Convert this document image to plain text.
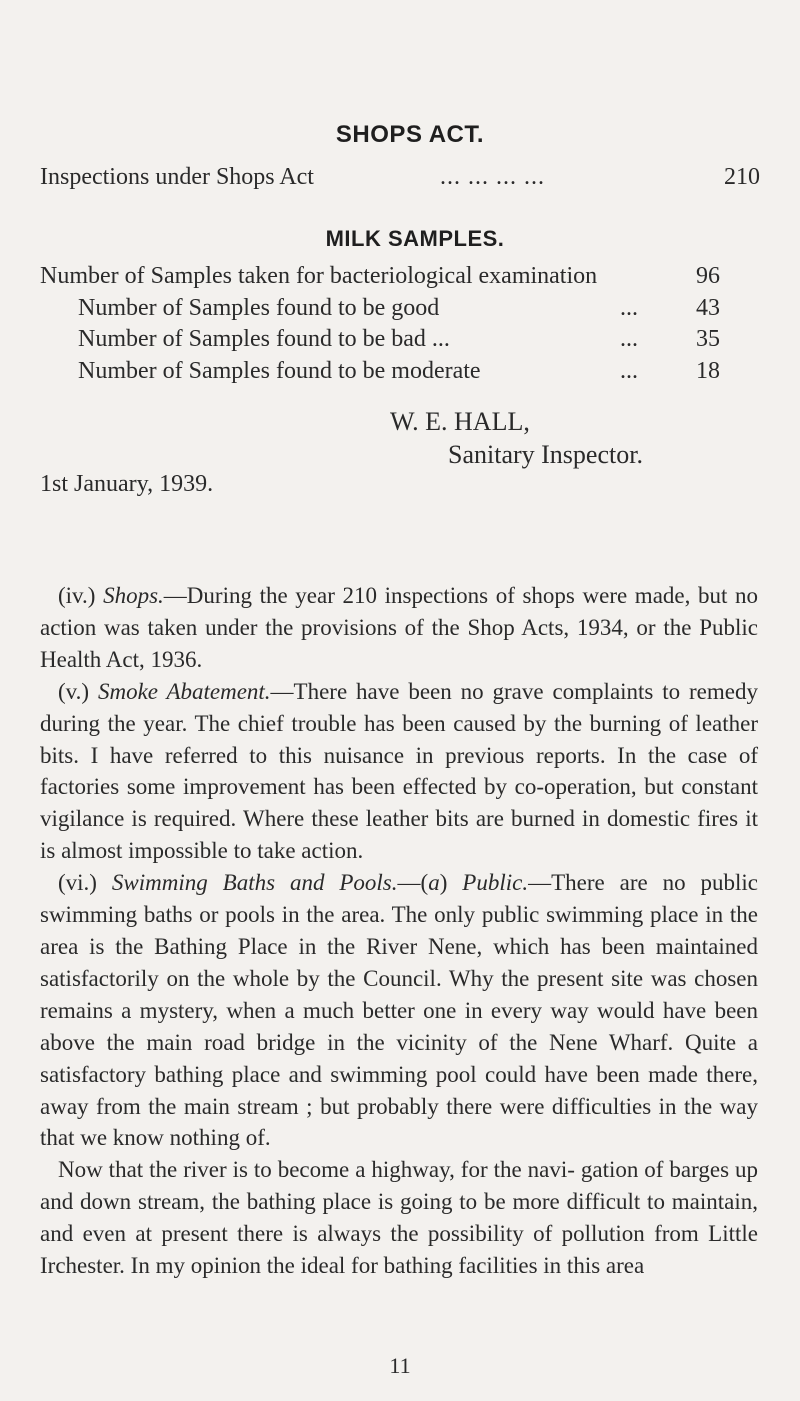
SHOPS ACT.
Inspections under Shops Act	... ... ... ...	210
MILK SAMPLES.
Number of Samples taken for bacteriological examination	96
Number of Samples found to be good	...	43
Number of Samples found to be bad ...	...	35
Number of Samples found to be moderate	...	18
W. E. HALL,
Sanitary Inspector.
1st January, 1939.

(iv.) Shops.—During the year 210 inspections of shops were made, but no action was taken under the provisions of the Shop Acts, 1934, or the Public Health Act, 1936.

(v.) Smoke Abatement.—There have been no grave complaints to remedy during the year. The chief trouble has been caused by the burning of leather bits. I have referred to this nuisance in previous reports. In the case of factories some improvement has been effected by co-operation, but constant vigilance is required. Where these leather bits are burned in domestic fires it is almost impossible to take action.

(vi.) Swimming Baths and Pools.—(a) Public.—There are no public swimming baths or pools in the area. The only public swimming place in the area is the Bathing Place in the River Nene, which has been maintained satisfactorily on the whole by the Council. Why the present site was chosen remains a mystery, when a much better one in every way would have been above the main road bridge in the vicinity of the Nene Wharf. Quite a satisfactory bathing place and swimming pool could have been made there, away from the main stream ; but probably there were difficulties in the way that we know nothing of.

Now that the river is to become a highway, for the navi- gation of barges up and down stream, the bathing place is going to be more difficult to maintain, and even at present there is always the possibility of pollution from Little Irchester. In my opinion the ideal for bathing facilities in this area

11
